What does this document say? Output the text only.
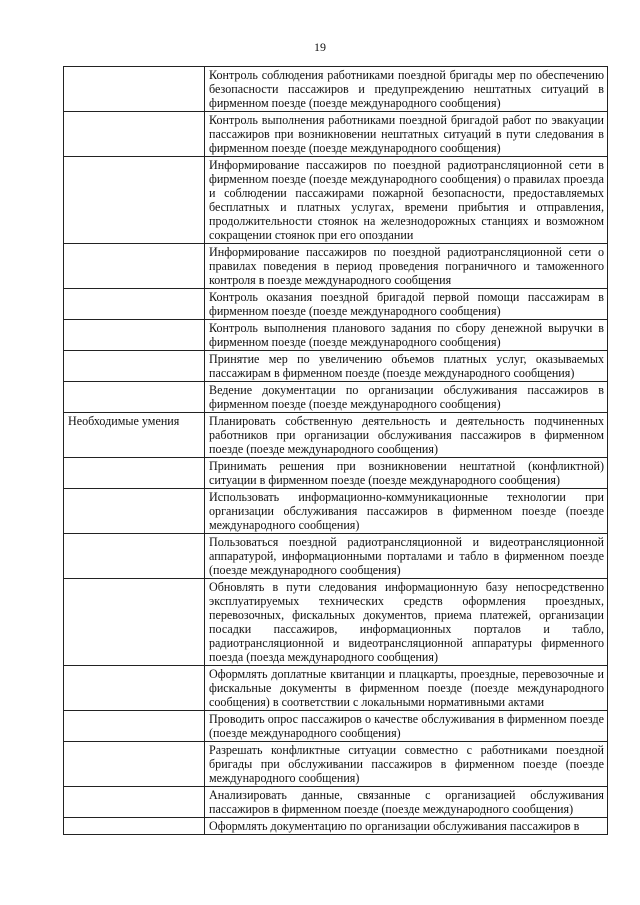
19
	Контроль соблюдения работниками поездной бригады мер по обеспечению безопасности пассажиров и предупреждению нештатных ситуаций в фирменном поезде (поезде международного сообщения)
	Контроль выполнения работниками поездной бригадой работ по эвакуации пассажиров при возникновении нештатных ситуаций в пути следования в фирменном поезде (поезде международного сообщения)
	Информирование пассажиров по поездной радиотрансляционной сети в фирменном поезде (поезде международного сообщения) о правилах проезда и соблюдении пассажирами пожарной безопасности, предоставляемых бесплатных и платных услугах, времени прибытия и отправления, продолжительности стоянок на железнодорожных станциях и возможном сокращении стоянок при его опоздании
	Информирование пассажиров по поездной радиотрансляционной сети о правилах поведения в период проведения пограничного и таможенного контроля в поезде международного сообщения
	Контроль оказания поездной бригадой первой помощи пассажирам в фирменном поезде (поезде международного сообщения)
	Контроль выполнения планового задания по сбору денежной выручки в фирменном поезде (поезде международного сообщения)
	Принятие мер по увеличению объемов платных услуг, оказываемых пассажирам в фирменном поезде (поезде международного сообщения)
	Ведение документации по организации обслуживания пассажиров в фирменном поезде (поезде международного сообщения)
Необходимые умения	Планировать собственную деятельность и деятельность подчиненных работников при организации обслуживания пассажиров в фирменном поезде (поезде международного сообщения)
	Принимать решения при возникновении нештатной (конфликтной) ситуации в фирменном поезде (поезде международного сообщения)
	Использовать информационно-коммуникационные технологии при организации обслуживания пассажиров в фирменном поезде (поезде международного сообщения)
	Пользоваться поездной радиотрансляционной и видеотрансляционной аппаратурой, информационными порталами и табло в фирменном поезде (поезде международного сообщения)
	Обновлять в пути следования информационную базу непосредственно эксплуатируемых технических средств оформления проездных, перевозочных, фискальных документов, приема платежей, организации посадки пассажиров, информационных порталов и табло, радиотрансляционной и видеотрансляционной аппаратуры фирменного поезда (поезда международного сообщения)
	Оформлять доплатные квитанции и плацкарты, проездные, перевозочные и фискальные документы в фирменном поезде (поезде международного сообщения) в соответствии с локальными нормативными актами
	Проводить опрос пассажиров о качестве обслуживания в фирменном поезде (поезде международного сообщения)
	Разрешать конфликтные ситуации совместно с работниками поездной бригады при обслуживании пассажиров в фирменном поезде (поезде международного сообщения)
	Анализировать данные, связанные с организацией обслуживания пассажиров в фирменном поезде (поезде международного сообщения)
	Оформлять документацию по организации обслуживания пассажиров в
